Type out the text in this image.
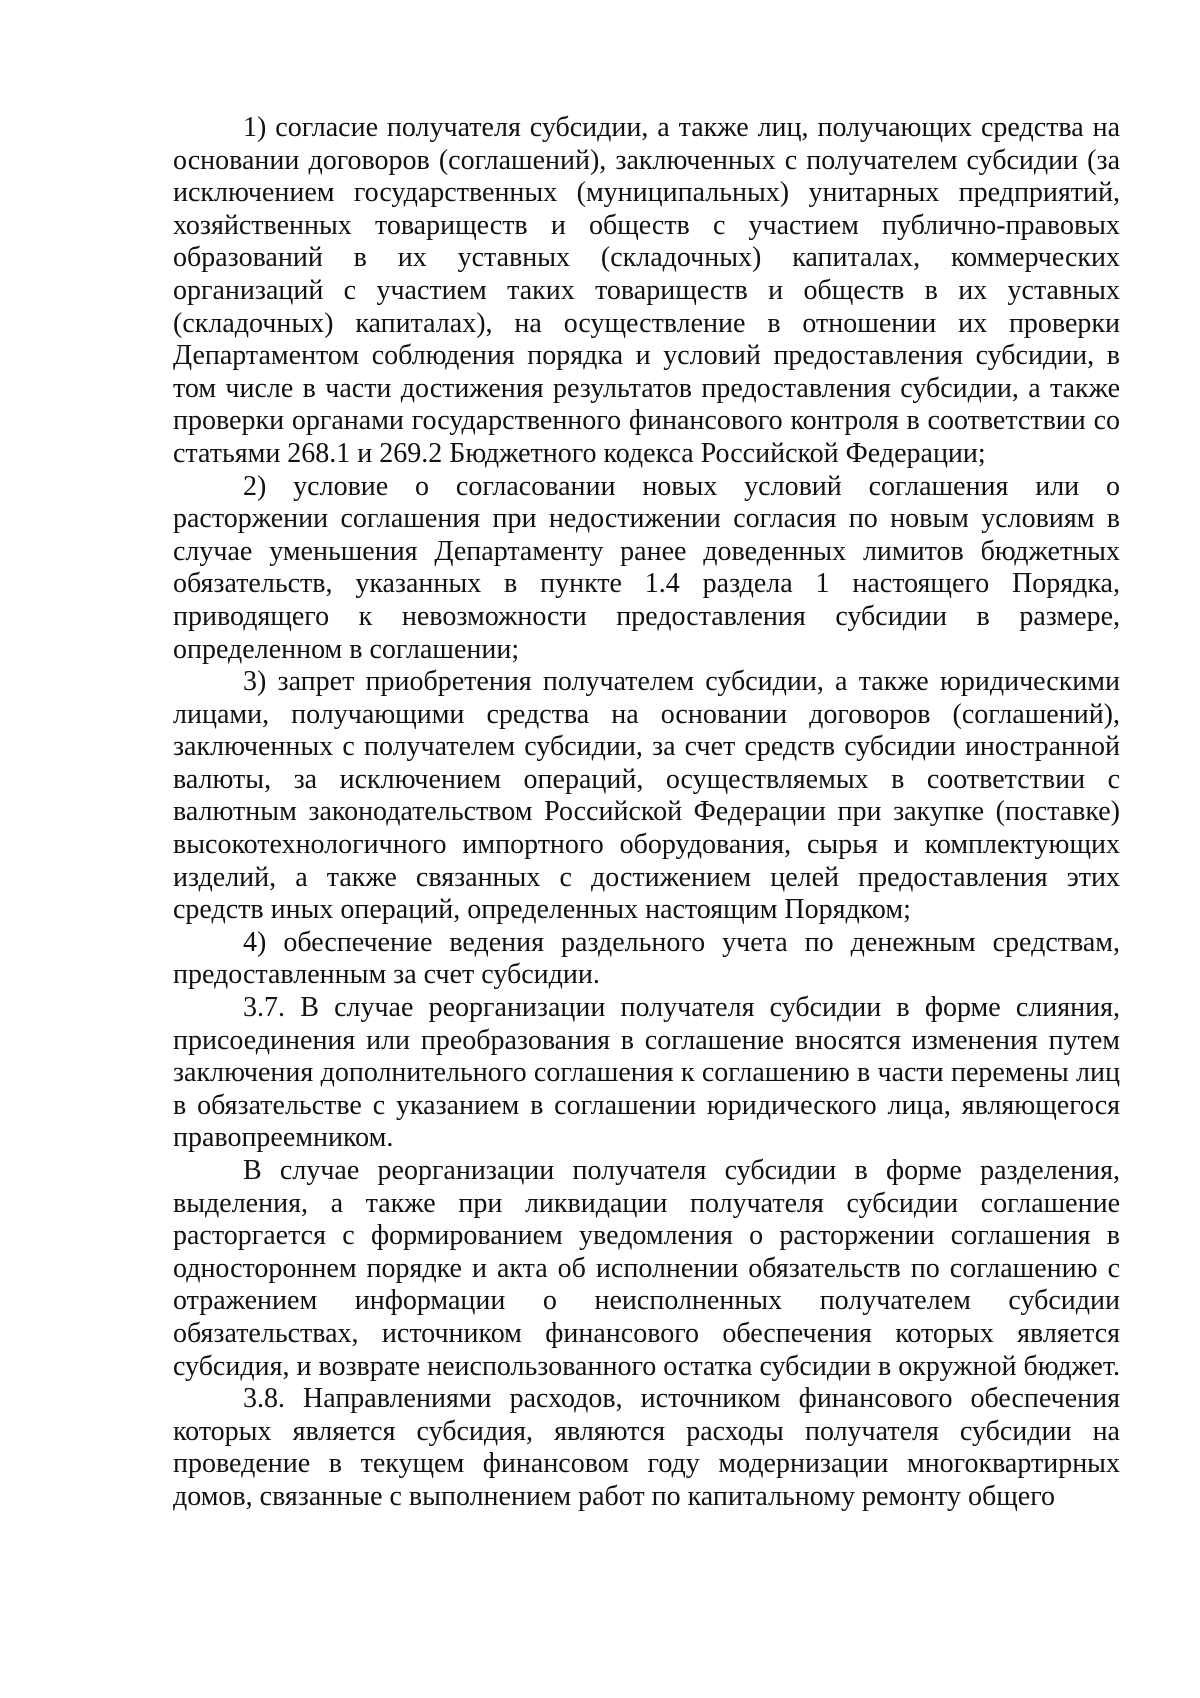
1) согласие получателя субсидии, а также лиц, получающих средства на основании договоров (соглашений), заключенных с получателем субсидии (за исключением государственных (муниципальных) унитарных предприятий, хозяйственных товариществ и обществ с участием публично-правовых образований в их уставных (складочных) капиталах, коммерческих организаций с участием таких товариществ и обществ в их уставных (складочных) капиталах), на осуществление в отношении их проверки Департаментом соблюдения порядка и условий предоставления субсидии, в том числе в части достижения результатов предоставления субсидии, а также проверки органами государственного финансового контроля в соответствии со статьями 268.1 и 269.2 Бюджетного кодекса Российской Федерации;

2) условие о согласовании новых условий соглашения или о расторжении соглашения при недостижении согласия по новым условиям в случае уменьшения Департаменту ранее доведенных лимитов бюджетных обязательств, указанных в пункте 1.4 раздела 1 настоящего Порядка, приводящего к невозможности предоставления субсидии в размере, определенном в соглашении;

3) запрет приобретения получателем субсидии, а также юридическими лицами, получающими средства на основании договоров (соглашений), заключенных с получателем субсидии, за счет средств субсидии иностранной валюты, за исключением операций, осуществляемых в соответствии с валютным законодательством Российской Федерации при закупке (поставке) высокотехнологичного импортного оборудования, сырья и комплектующих изделий, а также связанных с достижением целей предоставления этих средств иных операций, определенных настоящим Порядком;

4) обеспечение ведения раздельного учета по денежным средствам, предоставленным за счет субсидии.

3.7. В случае реорганизации получателя субсидии в форме слияния, присоединения или преобразования в соглашение вносятся изменения путем заключения дополнительного соглашения к соглашению в части перемены лиц в обязательстве с указанием в соглашении юридического лица, являющегося правопреемником.

В случае реорганизации получателя субсидии в форме разделения, выделения, а также при ликвидации получателя субсидии соглашение расторгается с формированием уведомления о расторжении соглашения в одностороннем порядке и акта об исполнении обязательств по соглашению с отражением информации о неисполненных получателем субсидии обязательствах, источником финансового обеспечения которых является субсидия, и возврате неиспользованного остатка субсидии в окружной бюджет.

3.8. Направлениями расходов, источником финансового обеспечения которых является субсидия, являются расходы получателя субсидии на проведение в текущем финансовом году модернизации многоквартирных домов, связанные с выполнением работ по капитальному ремонту общего
